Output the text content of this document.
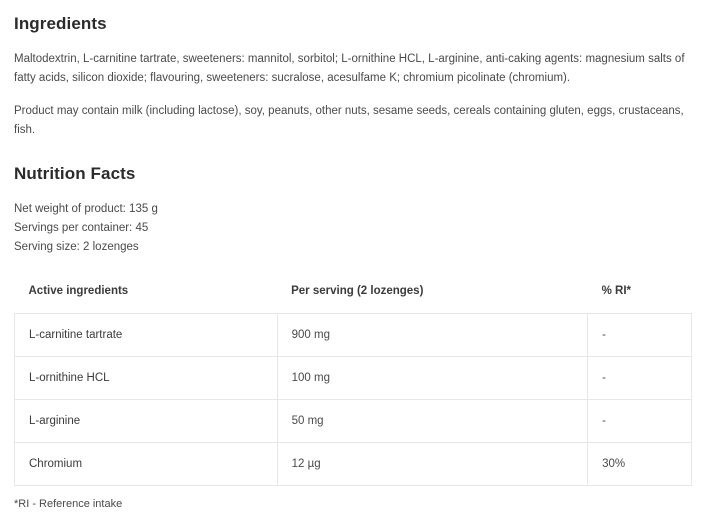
Ingredients

Maltodextrin, L-carnitine tartrate, sweeteners: mannitol, sorbitol; L-ornithine HCL, L-arginine, anti-caking agents: magnesium salts of fatty acids, silicon dioxide; flavouring, sweeteners: sucralose, acesulfame K; chromium picolinate (chromium).

Product may contain milk (including lactose), soy, peanuts, other nuts, sesame seeds, cereals containing gluten, eggs, crustaceans, fish.

Nutrition Facts
Net weight of product: 135 g
Servings per container: 45
Serving size: 2 lozenges
Active ingredients	Per serving (2 lozenges)	% RI*
L-carnitine tartrate	900 mg	-
L-ornithine HCL	100 mg	-
L-arginine	50 mg	-
Chromium	12 µg	30%
*RI - Reference intake
